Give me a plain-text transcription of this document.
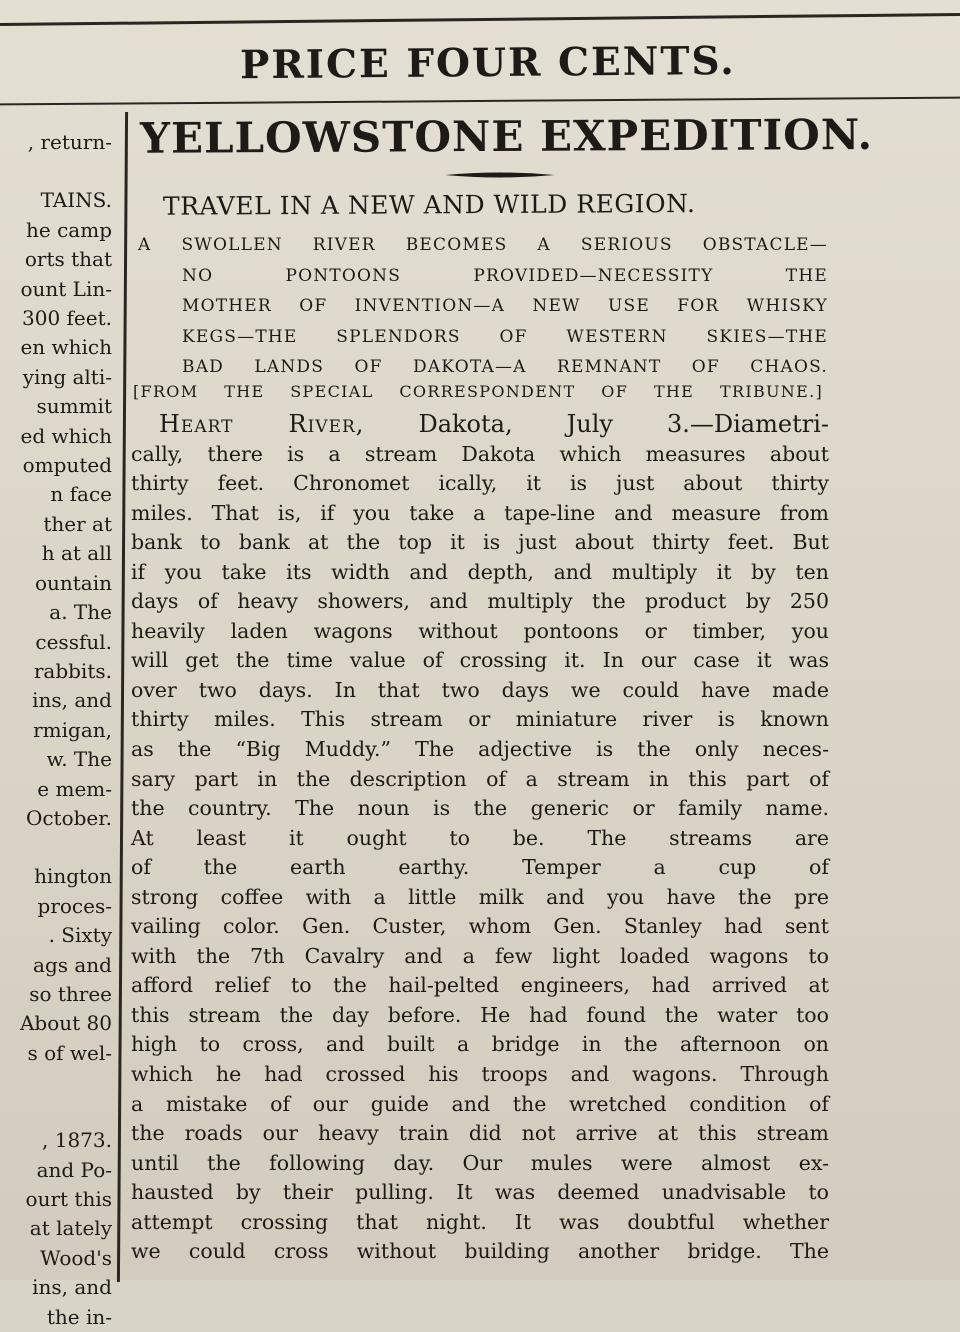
PRICE FOUR CENTS.
, return-
TAINS.
he camp
orts that
ount Lin-
300 feet.
en which
ying alti-
summit
ed which
omputed
n face
ther at
h at all
ountain
a. The
cessful.
rabbits.
ins, and
rmigan,
w. The
e mem-
October.
hington
proces-
. Sixty
ags and
so three
About 80
s of wel-
, 1873.
and Po-
ourt this
at lately
Wood's
ins, and
the in-
YELLOWSTONE EXPEDITION.
TRAVEL IN A NEW AND WILD REGION.
A SWOLLEN RIVER BECOMES A SERIOUS OBSTACLE—
NO PONTOONS PROVIDED—NECESSITY THE
MOTHER OF INVENTION—A NEW USE FOR WHISKY
KEGS—THE SPLENDORS OF WESTERN SKIES—THE
BAD LANDS OF DAKOTA—A REMNANT OF CHAOS.
[FROM THE SPECIAL CORRESPONDENT OF THE TRIBUNE.]
Heart River, Dakota, July 3.—Diametri-
cally, there is a stream Dakota which measures about
thirty feet. Chronomet ically, it is just about thirty
miles. That is, if you take a tape-line and measure from
bank to bank at the top it is just about thirty feet. But
if you take its width and depth, and multiply it by ten
days of heavy showers, and multiply the product by 250
heavily laden wagons without pontoons or timber, you
will get the time value of crossing it. In our case it was
over two days. In that two days we could have made
thirty miles. This stream or miniature river is known
as the “Big Muddy.” The adjective is the only neces-
sary part in the description of a stream in this part of
the country. The noun is the generic or family name.
At least it ought to be. The streams are
of the earth earthy. Temper a cup of
strong coffee with a little milk and you have the pre
vailing color. Gen. Custer, whom Gen. Stanley had sent
with the 7th Cavalry and a few light loaded wagons to
afford relief to the hail-pelted engineers, had arrived at
this stream the day before. He had found the water too
high to cross, and built a bridge in the afternoon on
which he had crossed his troops and wagons. Through
a mistake of our guide and the wretched condition of
the roads our heavy train did not arrive at this stream
until the following day. Our mules were almost ex-
hausted by their pulling. It was deemed unadvisable to
attempt crossing that night. It was doubtful whether
we could cross without building another bridge. The
